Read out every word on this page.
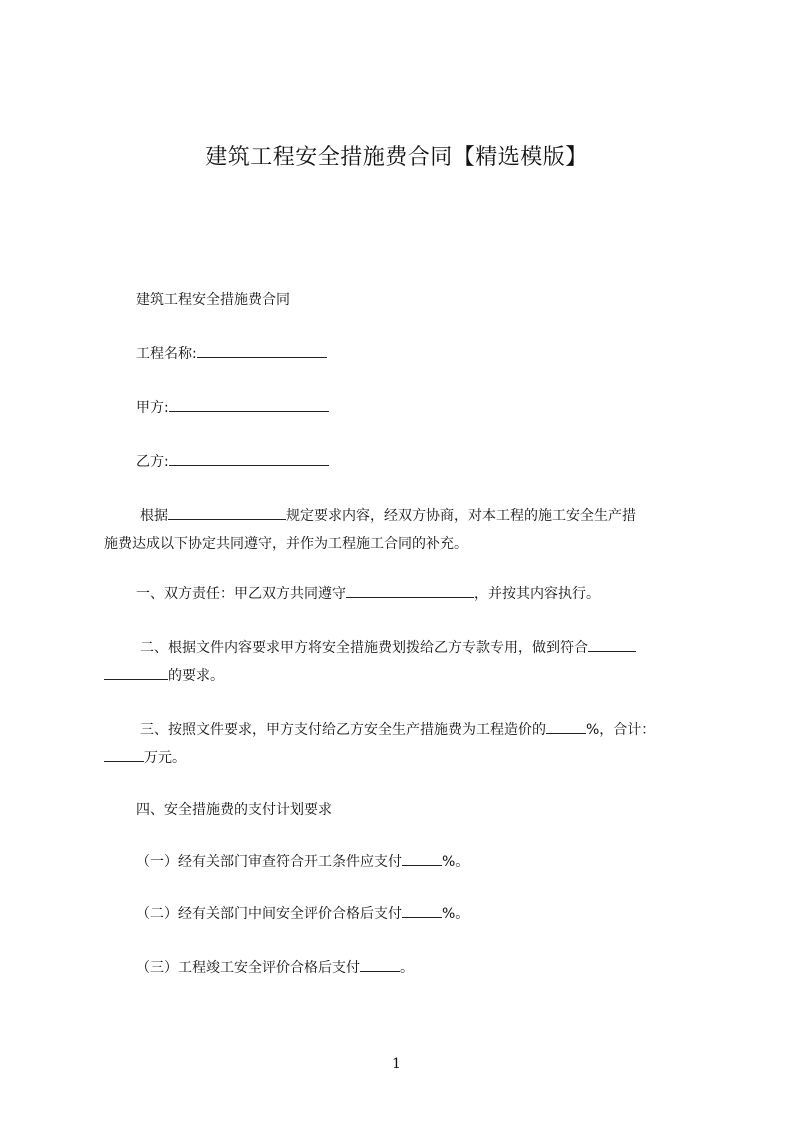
建筑工程安全措施费合同【精选模版】
建筑工程安全措施费合同
工程名称:
甲方:
乙方:
根据	规定要求内容，经双方协商，对本工程的施工安全生产措
施费达成以下协定共同遵守，并作为工程施工合同的补充。
一、双方责任：甲乙双方共同遵守	，并按其内容执行。
二、根据文件内容要求甲方将安全措施费划拨给乙方专款专用，做到符合
的要求。
三、按照文件要求，甲方支付给乙方安全生产措施费为工程造价的	%，合计：
万元。
四、安全措施费的支付计划要求
（一）经有关部门审查符合开工条件应支付	%。
（二）经有关部门中间安全评价合格后支付	%。
（三）工程竣工安全评价合格后支付	。
1
